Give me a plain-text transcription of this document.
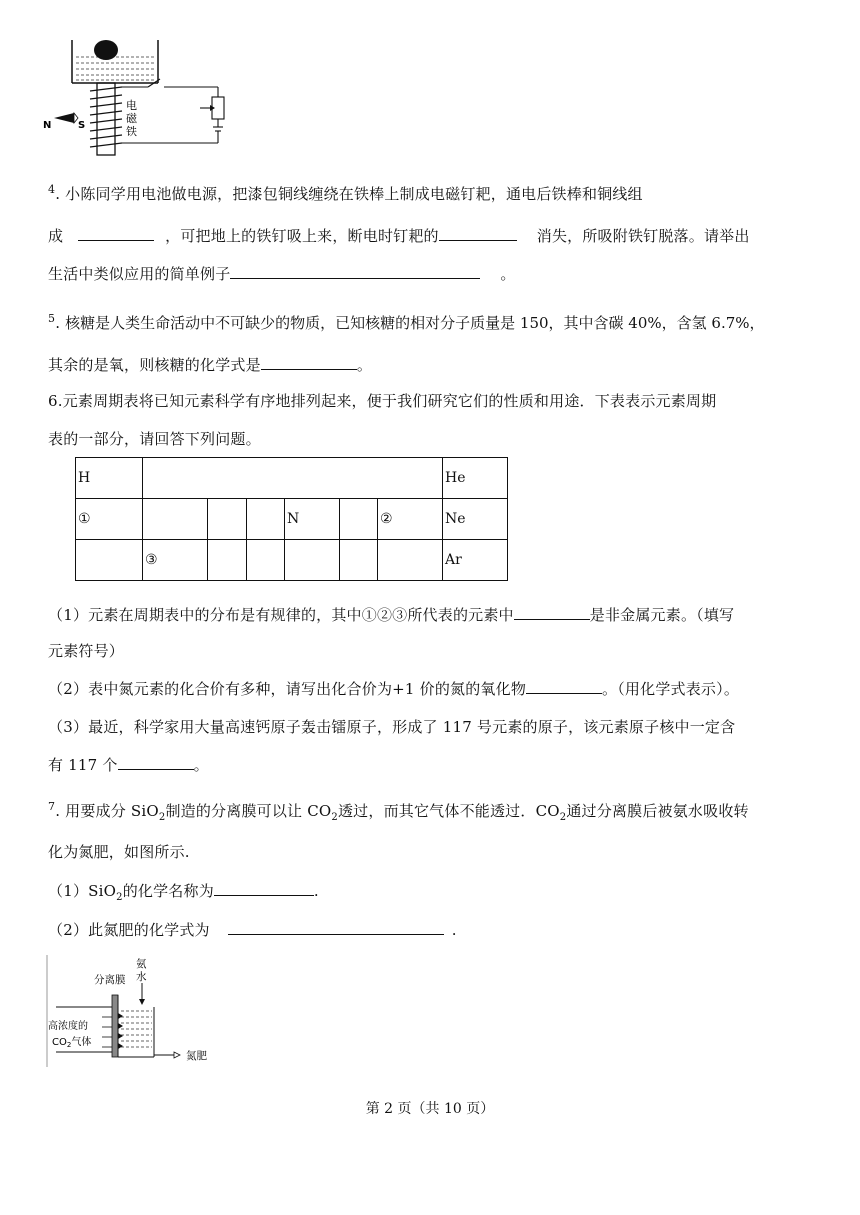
N	S
电
磁
铁
$^4$. 小陈同学用电池做电源，把漆包铜线缠绕在铁棒上制成电磁钉耙，通电后铁棒和铜线组
成	，可把地上的铁钉吸上来，断电时钉耙的	消失，所吸附铁钉脱落。请举出
生活中类似应用的简单例子	。
$^5$. 核糖是人类生命活动中不可缺少的物质，已知核糖的相对分子质量是 150，其中含碳 40%，含氢 6.7%，
其余的是氧，则核糖的化学式是	。
6.元素周期表将已知元素科学有序地排列起来，便于我们研究它们的性质和用途．下表表示元素周期
表的一部分，请回答下列问题。
H							He
①				N		②	Ne
	③						Ar
（1）元素在周期表中的分布是有规律的，其中①②③所代表的元素中	是非金属元素。（填写
元素符号）
（2）表中氮元素的化合价有多种，请写出化合价为+1 价的氮的氧化物	。（用化学式表示）。
（3）最近，科学家用大量高速钙原子轰击镭原子，形成了 117 号元素的原子，该元素原子核中一定含
有 117 个	。
$^7$. 用要成分 SiO$_2$制造的分离膜可以让 $CO_2$透过，而其它气体不能透过．$CO_2$通过分离膜后被氨水吸收转
化为氮肥，如图所示.
（1）SiO$_2$的化学名称为	.
（2）此氮肥的化学式为	.
分离膜
氨
水
高浓度的
$CO_2$气体
氮肥
第 2 页（共 10 页）
